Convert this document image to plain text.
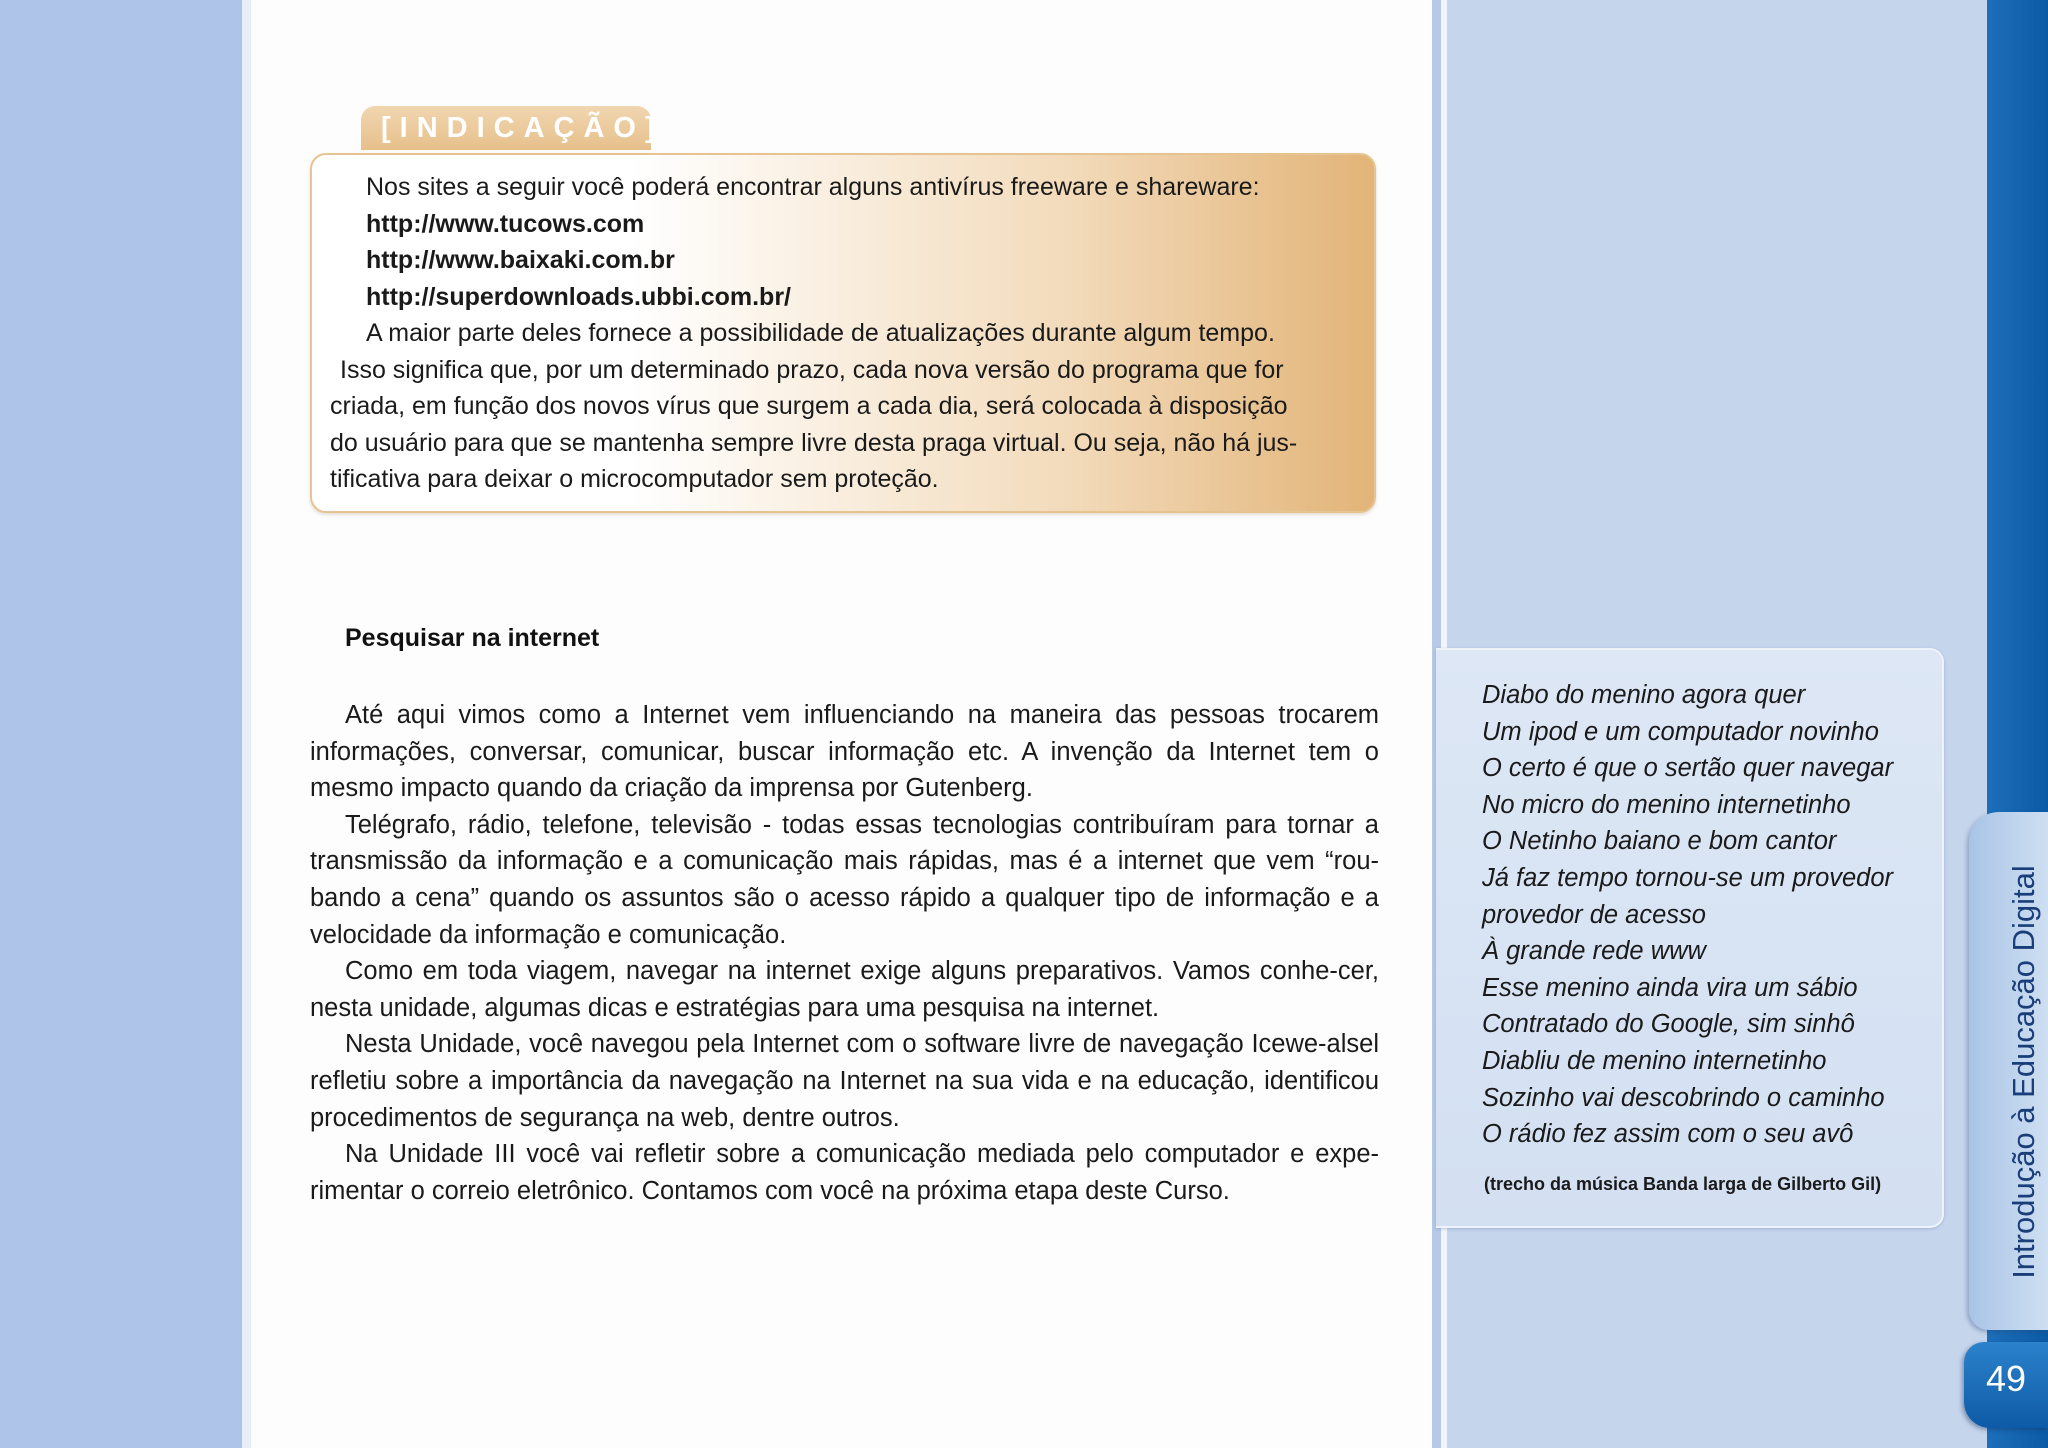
[INDICAÇÃO]

Nos sites a seguir você poderá encontrar alguns antivírus freeware e shareware:

http://www.tucows.com

http://www.baixaki.com.br

http://superdownloads.ubbi.com.br/

A maior parte deles fornece a possibilidade de atualizações durante algum tempo.

Isso significa que, por um determinado prazo, cada nova versão do programa que for

criada, em função dos novos vírus que surgem a cada dia, será colocada à disposição

do usuário para que se mantenha sempre livre desta praga virtual. Ou seja, não há jus-

tificativa para deixar o microcomputador sem proteção.

Pesquisar na internet

Até aqui vimos como a Internet vem influenciando na maneira das pessoas trocarem informações, conversar, comunicar, buscar informação etc. A invenção da Internet tem o mesmo impacto quando da criação da imprensa por Gutenberg.

Telégrafo, rádio, telefone, televisão - todas essas tecnologias contribuíram para tornar a transmissão da informação e a comunicação mais rápidas, mas é a internet que vem “rou-bando a cena” quando os assuntos são o acesso rápido a qualquer tipo de informação e a velocidade da informação e comunicação.

Como em toda viagem, navegar na internet exige alguns preparativos. Vamos conhe-cer, nesta unidade, algumas dicas e estratégias para uma pesquisa na internet.

Nesta Unidade, você navegou pela Internet com o software livre de navegação Icewe-alsel refletiu sobre a importância da navegação na Internet na sua vida e na educação, identificou procedimentos de segurança na web, dentre outros.

Na Unidade III você vai refletir sobre a comunicação mediada pelo computador e expe-rimentar o correio eletrônico. Contamos com você na próxima etapa deste Curso.

Diabo do menino agora quer
Um ipod e um computador novinho
O certo é que o sertão quer navegar
No micro do menino internetinho
O Netinho baiano e bom cantor
Já faz tempo tornou-se um provedor
provedor de acesso
À grande rede www
Esse menino ainda vira um sábio
Contratado do Google, sim sinhô
Diabliu de menino internetinho
Sozinho vai descobrindo o caminho
O rádio fez assim com o seu avô
(trecho da música Banda larga de Gilberto Gil)	Introdução à Educação Digital
49
